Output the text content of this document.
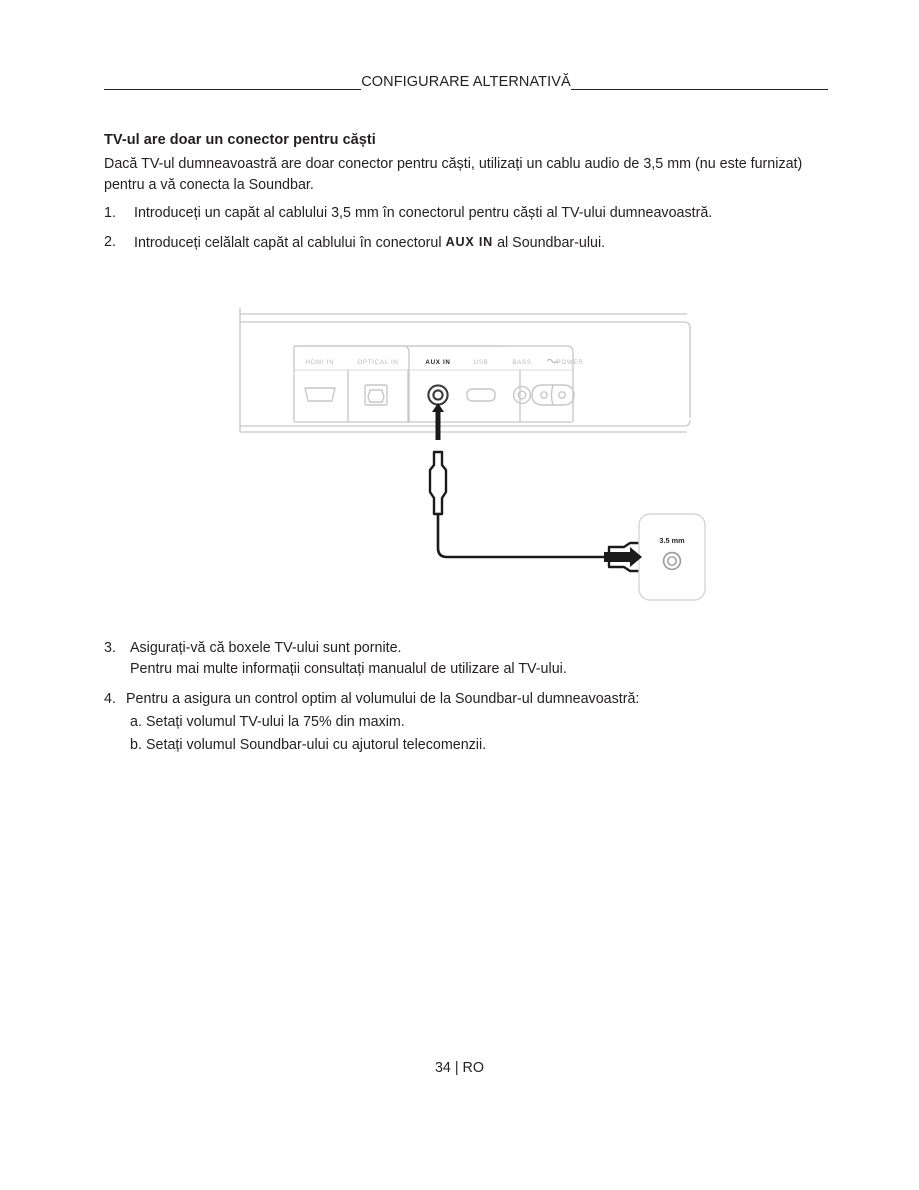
CONFIGURARE ALTERNATIVĂ

TV-ul are doar un conector pentru căști

Dacă TV-ul dumneavoastră are doar conector pentru căști, utilizați un cablu audio de 3,5 mm (nu este furnizat) pentru a vă conecta la Soundbar.

1.	Introduceți un capăt al cablului 3,5 mm în conectorul pentru căști al TV-ului dumneavoastră.
2.	Introduceți celălalt capăt al cablului în conectorul AUX IN al Soundbar-ului.
HDMI IN	OPTICAL IN	AUX IN	USB	BASS	POWER
3.5 mm
3. Asigurați-vă că boxele TV-ului sunt pornite.
Pentru mai multe informații consultați manualul de utilizare al TV-ului.
4. Pentru a asigura un control optim al volumului de la Soundbar-ul dumneavoastră:
a. Setați volumul TV-ului la 75% din maxim.
b. Setați volumul Soundbar-ului cu ajutorul telecomenzii.
34 | RO
